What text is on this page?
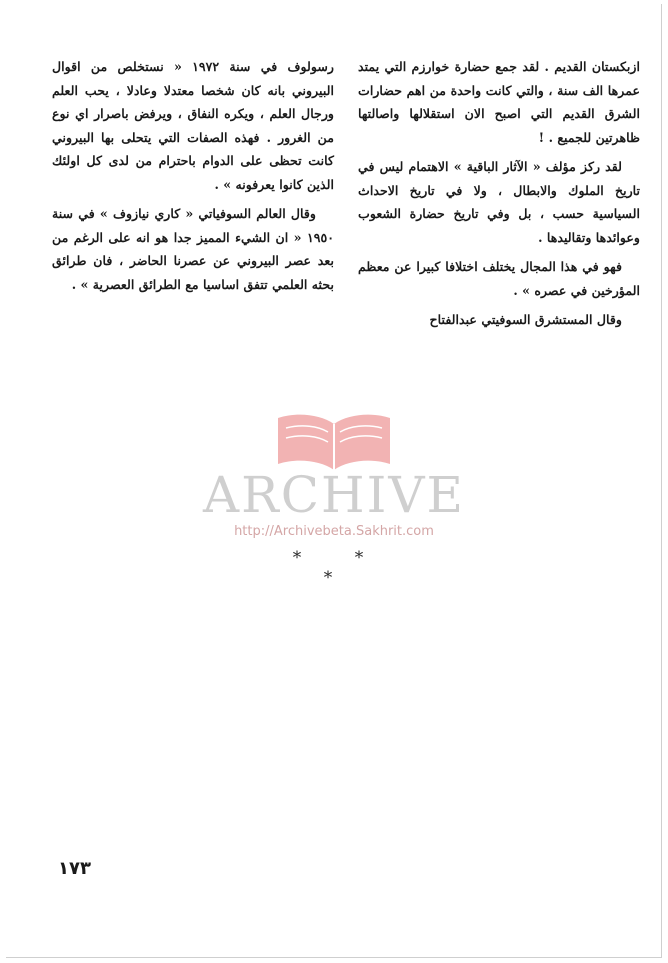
ازبكستان القديم . لقد جمع حضارة خوارزم التي يمتد عمرها الف سنة ، والتي كانت واحدة من اهم حضارات الشرق القديم التي اصبح الان استقلالها واصالتها ظاهرتين للجميع . !

لقد ركز مؤلف « الآثار الباقية » الاهتمام ليس في تاريخ الملوك والابطال ، ولا في تاريخ الاحداث السياسية حسب ، بل وفي تاريخ حضارة الشعوب وعوائدها وتقاليدها .

فهو في هذا المجال يختلف اختلافا كبيرا عن معظم المؤرخين في عصره » .

وقال المستشرق السوفيتي عبدالفتاح

رسولوف في سنة ١٩٧٢ « نستخلص من اقوال البيروني بانه كان شخصا معتدلا وعادلا ، يحب العلم ورجال العلم ، ويكره النفاق ، ويرفض باصرار اي نوع من الغرور . فهذه الصفات التي يتحلى بها البيروني كانت تحظى على الدوام باحترام من لدى كل اولئك الذين كانوا يعرفونه » .

وقال العالم السوفياتي « كاري نيازوف » في سنة ١٩٥٠ « ان الشيء المميز جدا هو انه على الرغم من بعد عصر البيروني عن عصرنا الحاضر ، فان طرائق بحثه العلمي تتفق اساسيا مع الطرائق العصرية » .

ARCHIVE
http://Archivebeta.Sakhrit.com
* * *
١٧٣
